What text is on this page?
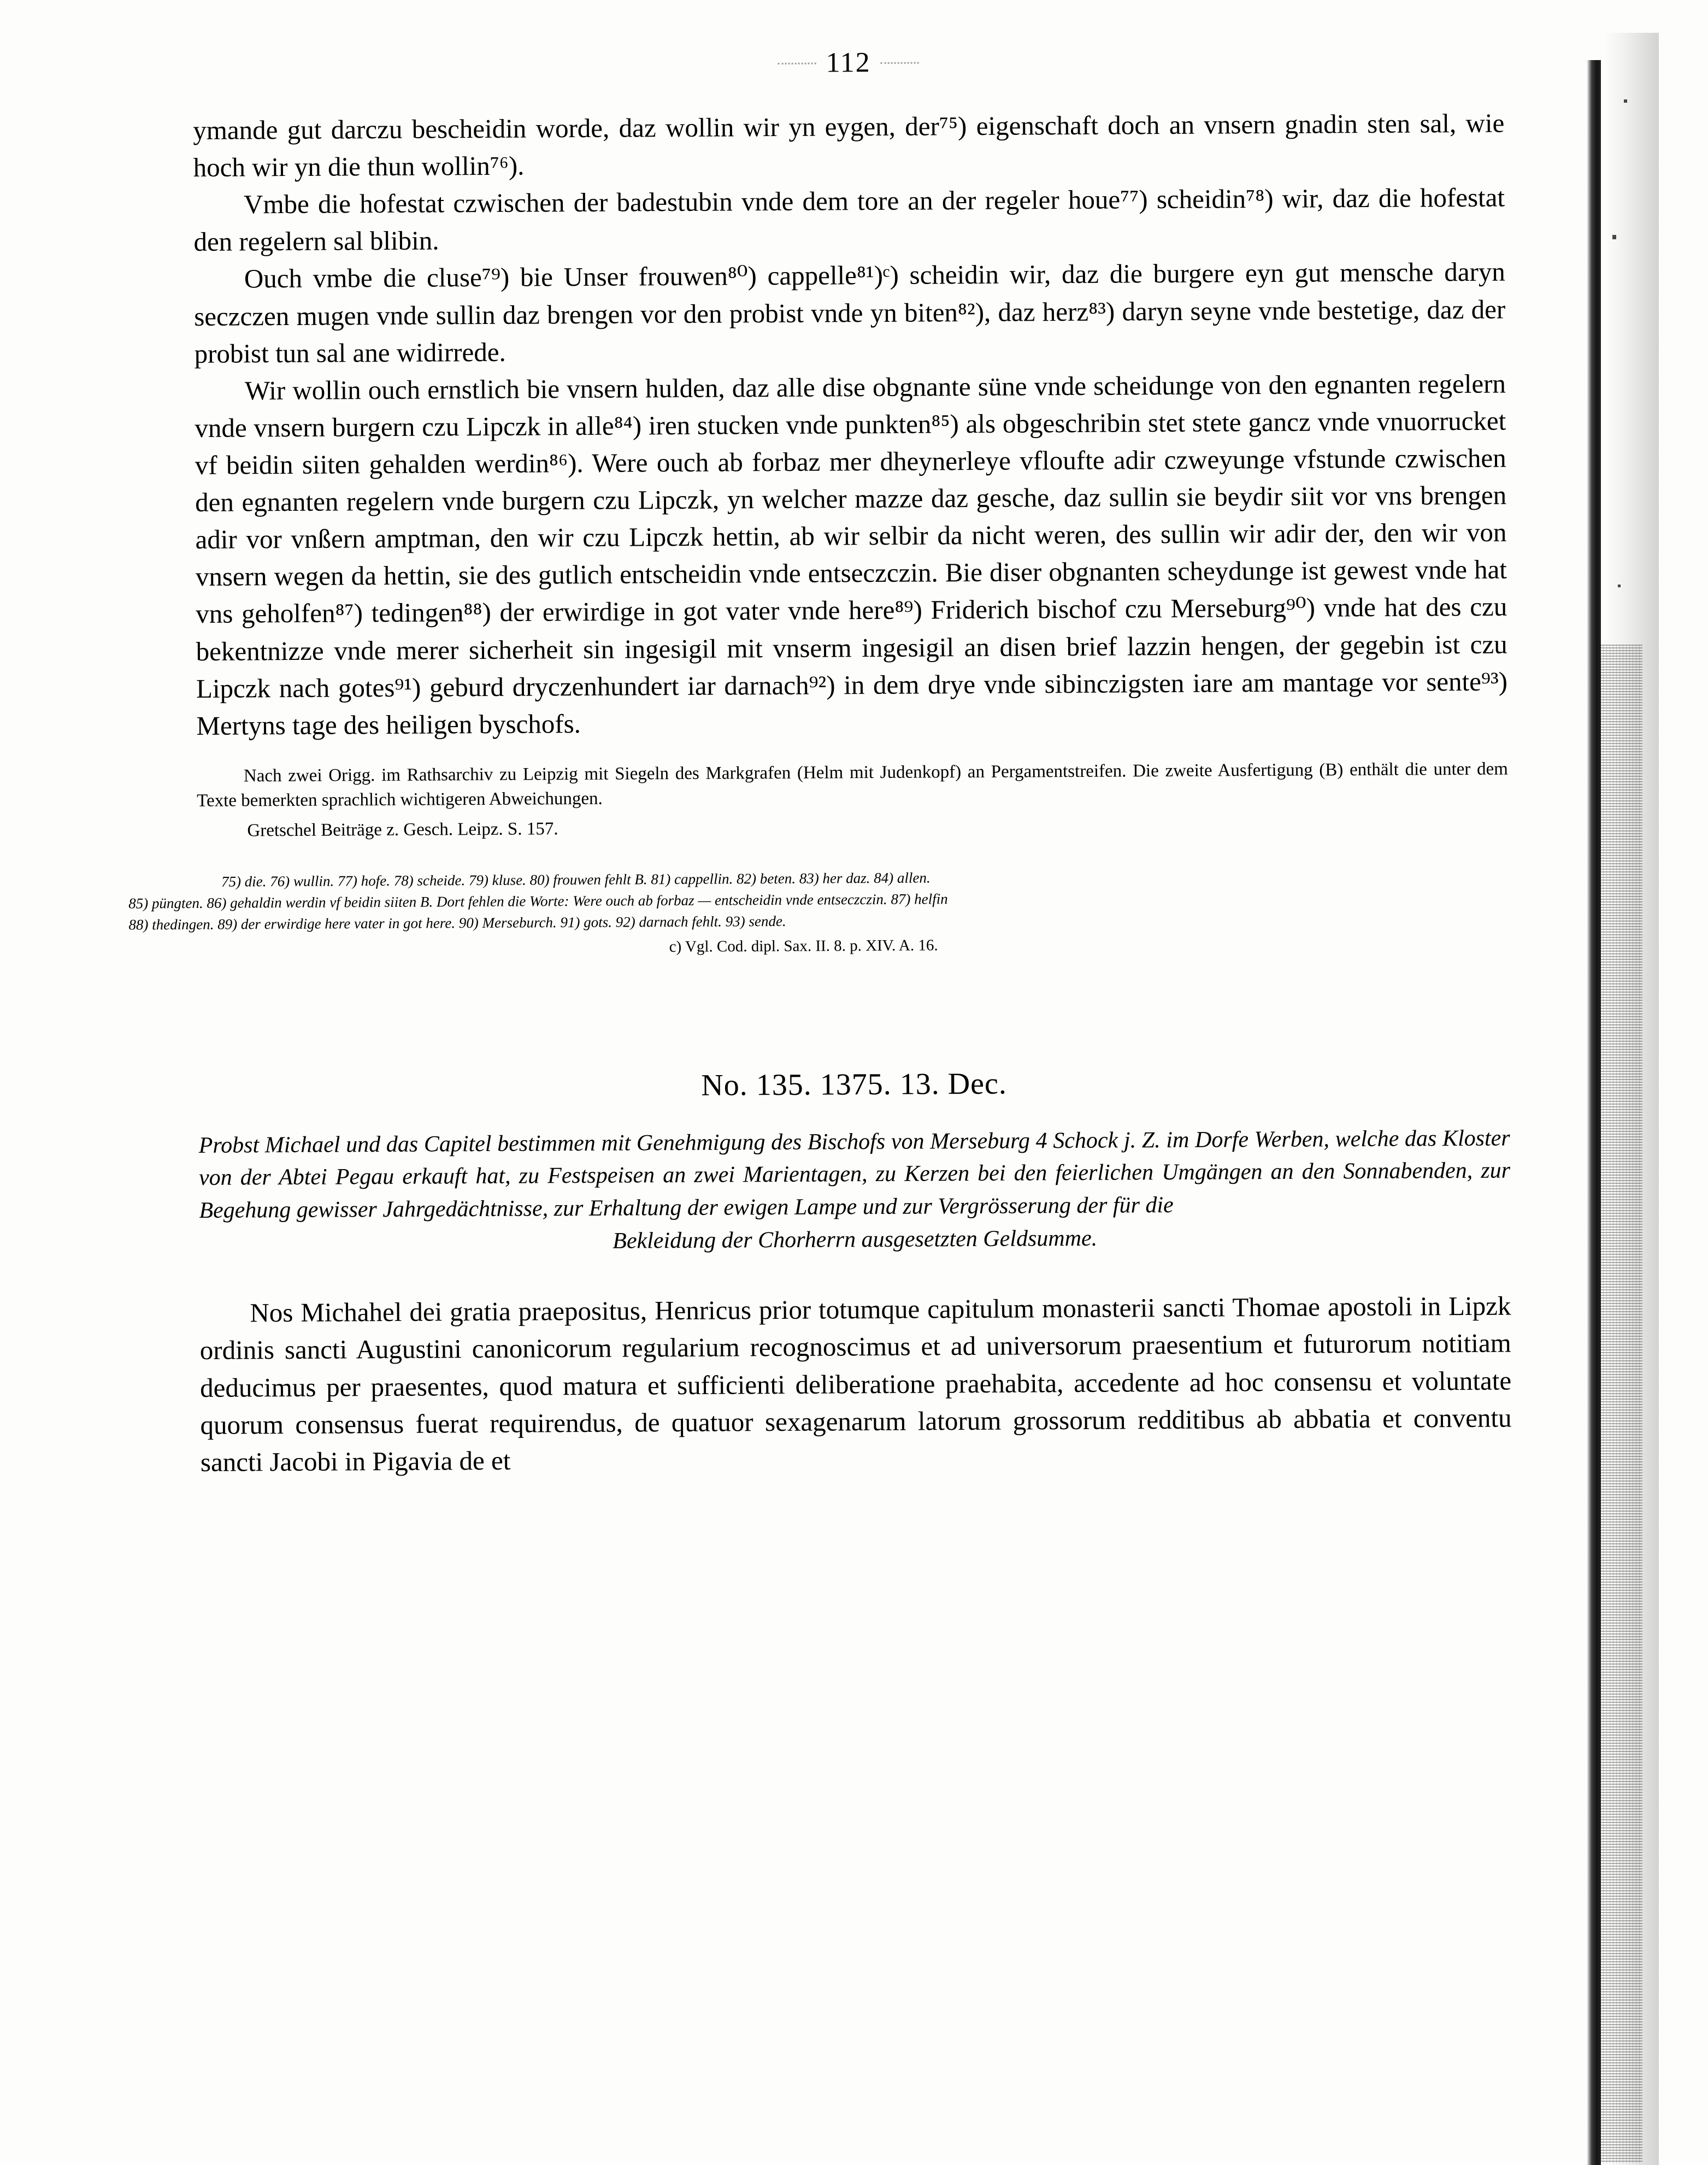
112

ymande gut darczu bescheidin worde, daz wollin wir yn eygen, der⁷⁵) eigenschaft doch an vnsern gnadin sten sal, wie hoch wir yn die thun wollin⁷⁶).

Vmbe die hofestat czwischen der badestubin vnde dem tore an der regeler houe⁷⁷) scheidin⁷⁸) wir, daz die hofestat den regelern sal blibin.

Ouch vmbe die cluse⁷⁹) bie Unser frouwen⁸⁰) cappelle⁸¹)ᶜ) scheidin wir, daz die burgere eyn gut mensche daryn seczczen mugen vnde sullin daz brengen vor den probist vnde yn biten⁸²), daz herz⁸³) daryn seyne vnde bestetige, daz der probist tun sal ane widirrede.

Wir wollin ouch ernstlich bie vnsern hulden, daz alle dise obgnante süne vnde scheidunge von den egnanten regelern vnde vnsern burgern czu Lipczk in alle⁸⁴) iren stucken vnde punkten⁸⁵) als obgeschribin stet stete gancz vnde vnuorrucket vf beidin siiten gehalden werdin⁸⁶). Were ouch ab forbaz mer dheynerleye vfloufte adir czweyunge vfstunde czwischen den egnanten regelern vnde burgern czu Lipczk, yn welcher mazze daz gesche, daz sullin sie beydir siit vor vns brengen adir vor vnßern amptman, den wir czu Lipczk hettin, ab wir selbir da nicht weren, des sullin wir adir der, den wir von vnsern wegen da hettin, sie des gutlich entscheidin vnde entseczczin. Bie diser obgnanten scheydunge ist gewest vnde hat vns geholfen⁸⁷) tedingen⁸⁸) der erwirdige in got vater vnde here⁸⁹) Friderich bischof czu Merseburg⁹⁰) vnde hat des czu bekentnizze vnde merer sicherheit sin ingesigil mit vnserm ingesigil an disen brief lazzin hengen, der gegebin ist czu Lipczk nach gotes⁹¹) geburd dryczenhundert iar darnach⁹²) in dem drye vnde sibinczigsten iare am mantage vor sente⁹³) Mertyns tage des heiligen byschofs.

Nach zwei Origg. im Rathsarchiv zu Leipzig mit Siegeln des Markgrafen (Helm mit Judenkopf) an Pergamentstreifen. Die zweite Ausfertigung (B) enthält die unter dem Texte bemerkten sprachlich wichtigeren Abweichungen.

Gretschel Beiträge z. Gesch. Leipz. S. 157.

75) die. 76) wullin. 77) hofe. 78) scheide. 79) kluse. 80) frouwen fehlt B. 81) cappellin. 82) beten. 83) her daz. 84) allen.
85) püngten. 86) gehaldin werdin vf beidin siiten B. Dort fehlen die Worte: Were ouch ab forbaz — entscheidin vnde entseczczin. 87) helfin
88) thedingen. 89) der erwirdige here vater in got here. 90) Merseburch. 91) gots. 92) darnach fehlt. 93) sende.
c) Vgl. Cod. dipl. Sax. II. 8. p. XIV. A. 16.
No. 135. 1375. 13. Dec.
Probst Michael und das Capitel bestimmen mit Genehmigung des Bischofs von Merseburg 4 Schock j. Z. im Dorfe Werben, welche das Kloster von der Abtei Pegau erkauft hat, zu Festspeisen an zwei Marientagen, zu Kerzen bei den feierlichen Umgängen an den Sonnabenden, zur Begehung gewisser Jahrgedächtnisse, zur Erhaltung der ewigen Lampe und zur Vergrösserung der für die
Bekleidung der Chorherrn ausgesetzten Geldsumme.

Nos Michahel dei gratia praepositus, Henricus prior totumque capitulum monasterii sancti Thomae apostoli in Lipzk ordinis sancti Augustini canonicorum regularium recognoscimus et ad universorum praesentium et futurorum notitiam deducimus per praesentes, quod matura et sufficienti deliberatione praehabita, accedente ad hoc consensu et voluntate quorum consensus fuerat requirendus, de quatuor sexagenarum latorum grossorum redditibus ab abbatia et conventu sancti Jacobi in Pigavia de et
